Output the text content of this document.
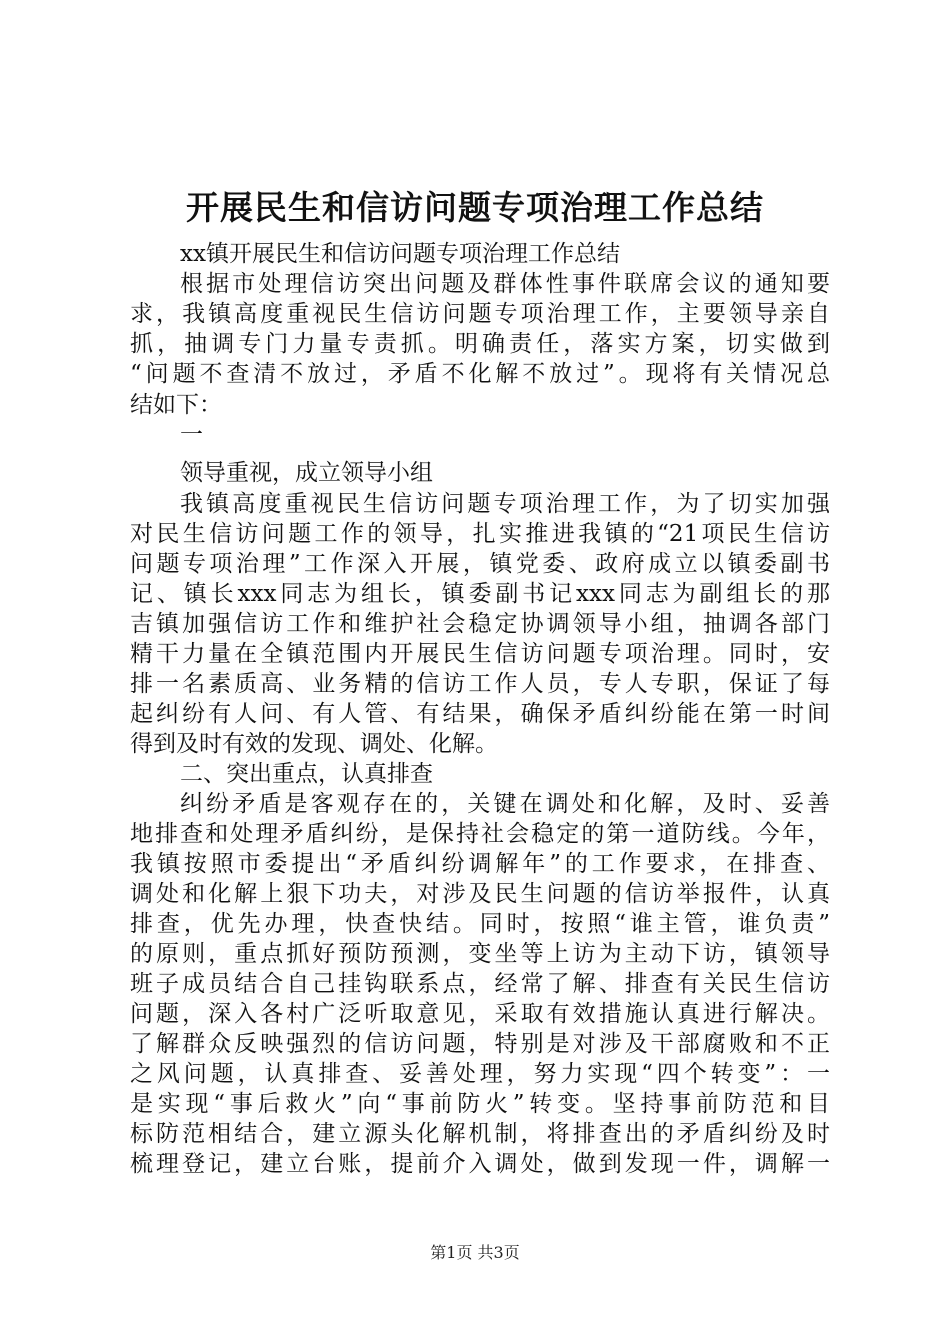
开展民生和信访问题专项治理工作总结
xx镇开展民生和信访问题专项治理工作总结
根据市处理信访突出问题及群体性事件联席会议的通知要
求，我镇高度重视民生信访问题专项治理工作，主要领导亲自
抓，抽调专门力量专责抓。明确责任，落实方案，切实做到
“问题不查清不放过，矛盾不化解不放过”。现将有关情况总
结如下：
一
领导重视，成立领导小组
我镇高度重视民生信访问题专项治理工作，为了切实加强
对民生信访问题工作的领导，扎实推进我镇的“21项民生信访
问题专项治理”工作深入开展，镇党委、政府成立以镇委副书
记、镇长xxx同志为组长，镇委副书记xxx同志为副组长的那
吉镇加强信访工作和维护社会稳定协调领导小组，抽调各部门
精干力量在全镇范围内开展民生信访问题专项治理。同时，安
排一名素质高、业务精的信访工作人员，专人专职，保证了每
起纠纷有人问、有人管、有结果，确保矛盾纠纷能在第一时间
得到及时有效的发现、调处、化解。
二、突出重点，认真排查
纠纷矛盾是客观存在的，关键在调处和化解，及时、妥善
地排查和处理矛盾纠纷，是保持社会稳定的第一道防线。今年，
我镇按照市委提出“矛盾纠纷调解年”的工作要求，在排查、
调处和化解上狠下功夫，对涉及民生问题的信访举报件，认真
排查，优先办理，快查快结。同时，按照“谁主管，谁负责”
的原则，重点抓好预防预测，变坐等上访为主动下访，镇领导
班子成员结合自己挂钩联系点，经常了解、排查有关民生信访
问题，深入各村广泛听取意见，采取有效措施认真进行解决。
了解群众反映强烈的信访问题，特别是对涉及干部腐败和不正
之风问题，认真排查、妥善处理，努力实现“四个转变”：一
是实现“事后救火”向“事前防火”转变。坚持事前防范和目
标防范相结合，建立源头化解机制，将排查出的矛盾纠纷及时
梳理登记，建立台账，提前介入调处，做到发现一件，调解一
第1页 共3页
